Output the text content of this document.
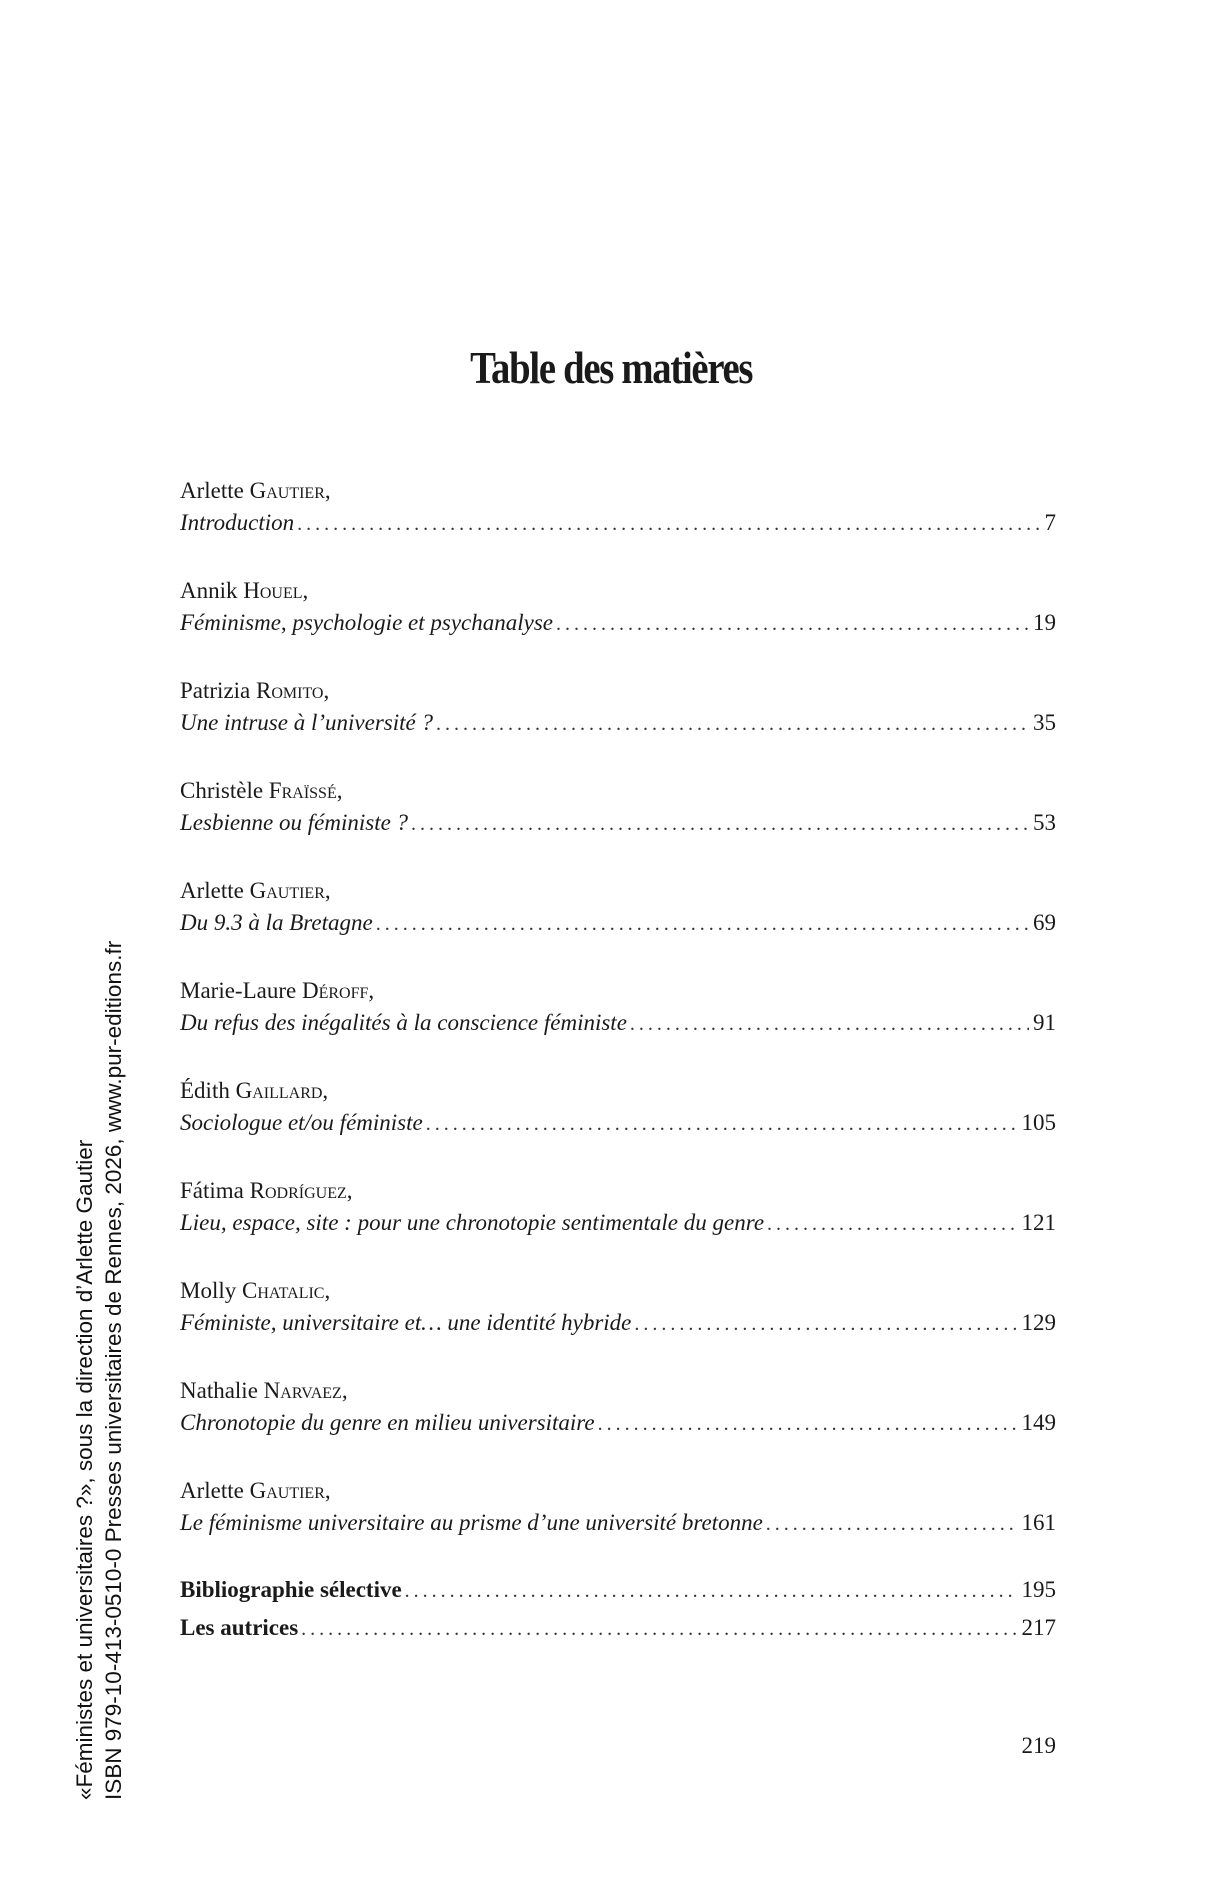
Table des matières
Arlette Gautier,
Introduction .....	7
Annik Houel,
Féminisme, psychologie et psychanalyse .....	19
Patrizia Romito,
Une intruse à l’université ? .....	35
Christèle Fraïssé,
Lesbienne ou féministe ? .....	53
Arlette Gautier,
Du 9.3 à la Bretagne .....	69
Marie-Laure Déroff,
Du refus des inégalités à la conscience féministe .....	91
Édith Gaillard,
Sociologue et/ou féministe .....	105
Fátima Rodríguez,
Lieu, espace, site : pour une chronotopie sentimentale du genre .....	121
Molly Chatalic,
Féministe, universitaire et… une identité hybride .....	129
Nathalie Narvaez,
Chronotopie du genre en milieu universitaire .....	149
Arlette Gautier,
Le féminisme universitaire au prisme d’une université bretonne .....	161
Bibliographie sélective .....	195
Les autrices .....	217
219
«Féministes et universitaires ?», sous la direction d’Arlette Gautier ISBN 979-10-413-0510-0 Presses universitaires de Rennes, 2026, www.pur-editions.fr
